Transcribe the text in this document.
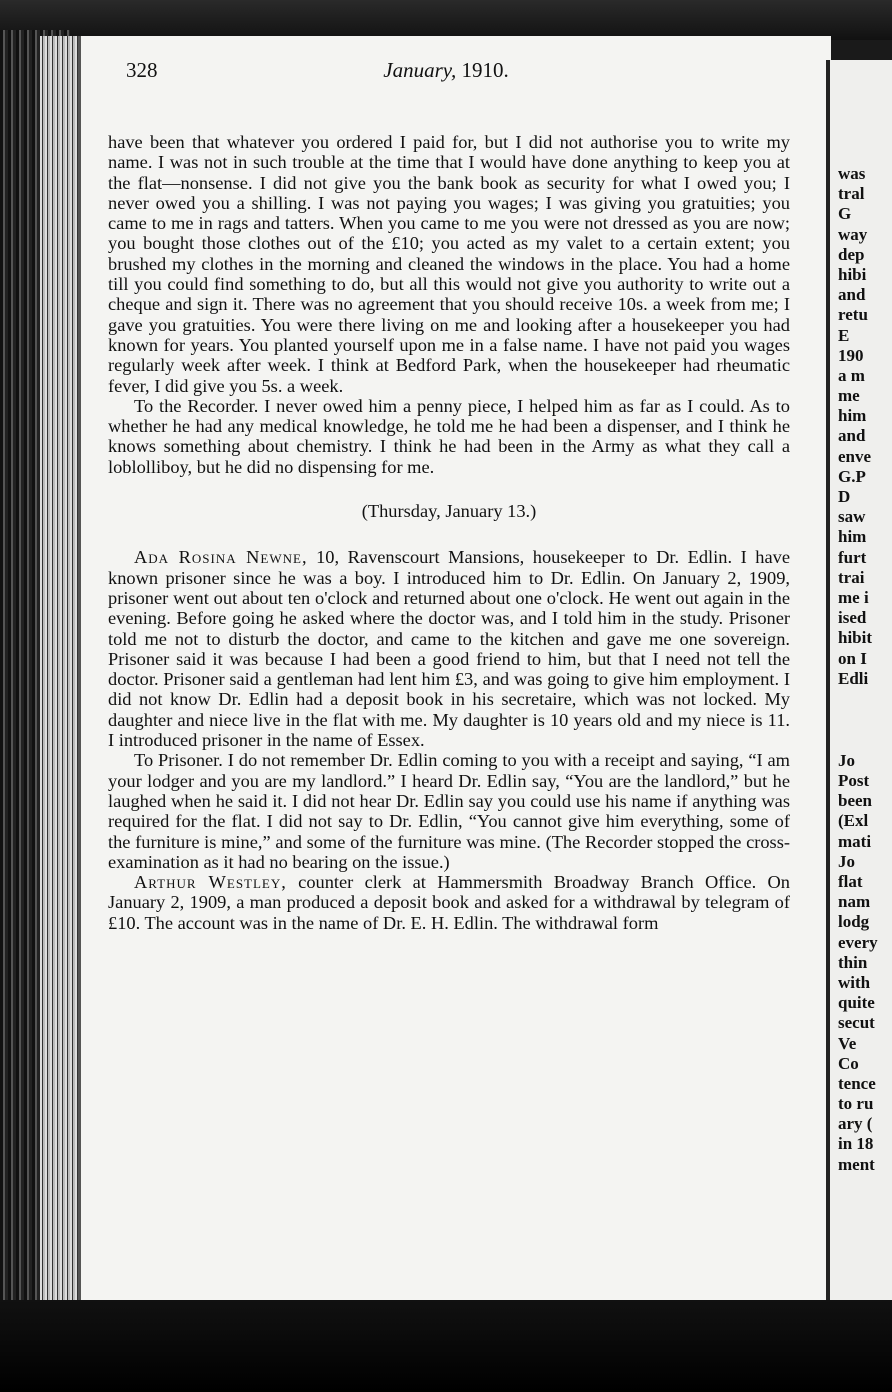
328	January, 1910.

have been that whatever you ordered I paid for, but I did not authorise you to write my name. I was not in such trouble at the time that I would have done anything to keep you at the flat—nonsense. I did not give you the bank book as security for what I owed you; I never owed you a shilling. I was not paying you wages; I was giving you gratuities; you came to me in rags and tatters. When you came to me you were not dressed as you are now; you bought those clothes out of the £10; you acted as my valet to a certain extent; you brushed my clothes in the morning and cleaned the windows in the place. You had a home till you could find something to do, but all this would not give you authority to write out a cheque and sign it. There was no agreement that you should receive 10s. a week from me; I gave you gratuities. You were there living on me and looking after a housekeeper you had known for years. You planted yourself upon me in a false name. I have not paid you wages regularly week after week. I think at Bedford Park, when the housekeeper had rheumatic fever, I did give you 5s. a week.

To the Recorder. I never owed him a penny piece, I helped him as far as I could. As to whether he had any medical knowledge, he told me he had been a dispenser, and I think he knows something about chemistry. I think he had been in the Army as what they call a loblolliboy, but he did no dispensing for me.

(Thursday, January 13.)

Ada Rosina Newne, 10, Ravenscourt Mansions, housekeeper to Dr. Edlin. I have known prisoner since he was a boy. I introduced him to Dr. Edlin. On January 2, 1909, prisoner went out about ten o'clock and returned about one o'clock. He went out again in the evening. Before going he asked where the doctor was, and I told him in the study. Prisoner told me not to disturb the doctor, and came to the kitchen and gave me one sovereign. Prisoner said it was because I had been a good friend to him, but that I need not tell the doctor. Prisoner said a gentleman had lent him £3, and was going to give him employment. I did not know Dr. Edlin had a deposit book in his secretaire, which was not locked. My daughter and niece live in the flat with me. My daughter is 10 years old and my niece is 11. I introduced prisoner in the name of Essex.

To Prisoner. I do not remember Dr. Edlin coming to you with a receipt and saying, “I am your lodger and you are my landlord.” I heard Dr. Edlin say, “You are the landlord,” but he laughed when he said it. I did not hear Dr. Edlin say you could use his name if anything was required for the flat. I did not say to Dr. Edlin, “You cannot give him everything, some of the furniture is mine,” and some of the furniture was mine. (The Recorder stopped the cross-examination as it had no bearing on the issue.)

Arthur Westley, counter clerk at Hammersmith Broadway Branch Office. On January 2, 1909, a man produced a deposit book and asked for a withdrawal by telegram of £10. The account was in the name of Dr. E. H. Edlin. The withdrawal form

was
tral
G
way
dep
hibi
and
retu
E
190
a m
me
him
and
enve
G.P
D
saw
him
furt
trai
me i
ised
hibit
on I
Edli
Jo
Post
been
(Exl
mati
Jo
flat
nam
lodg
every
thin
with
quite
secut
Ve
Co
tence
to ru
ary (
in 18
ment
